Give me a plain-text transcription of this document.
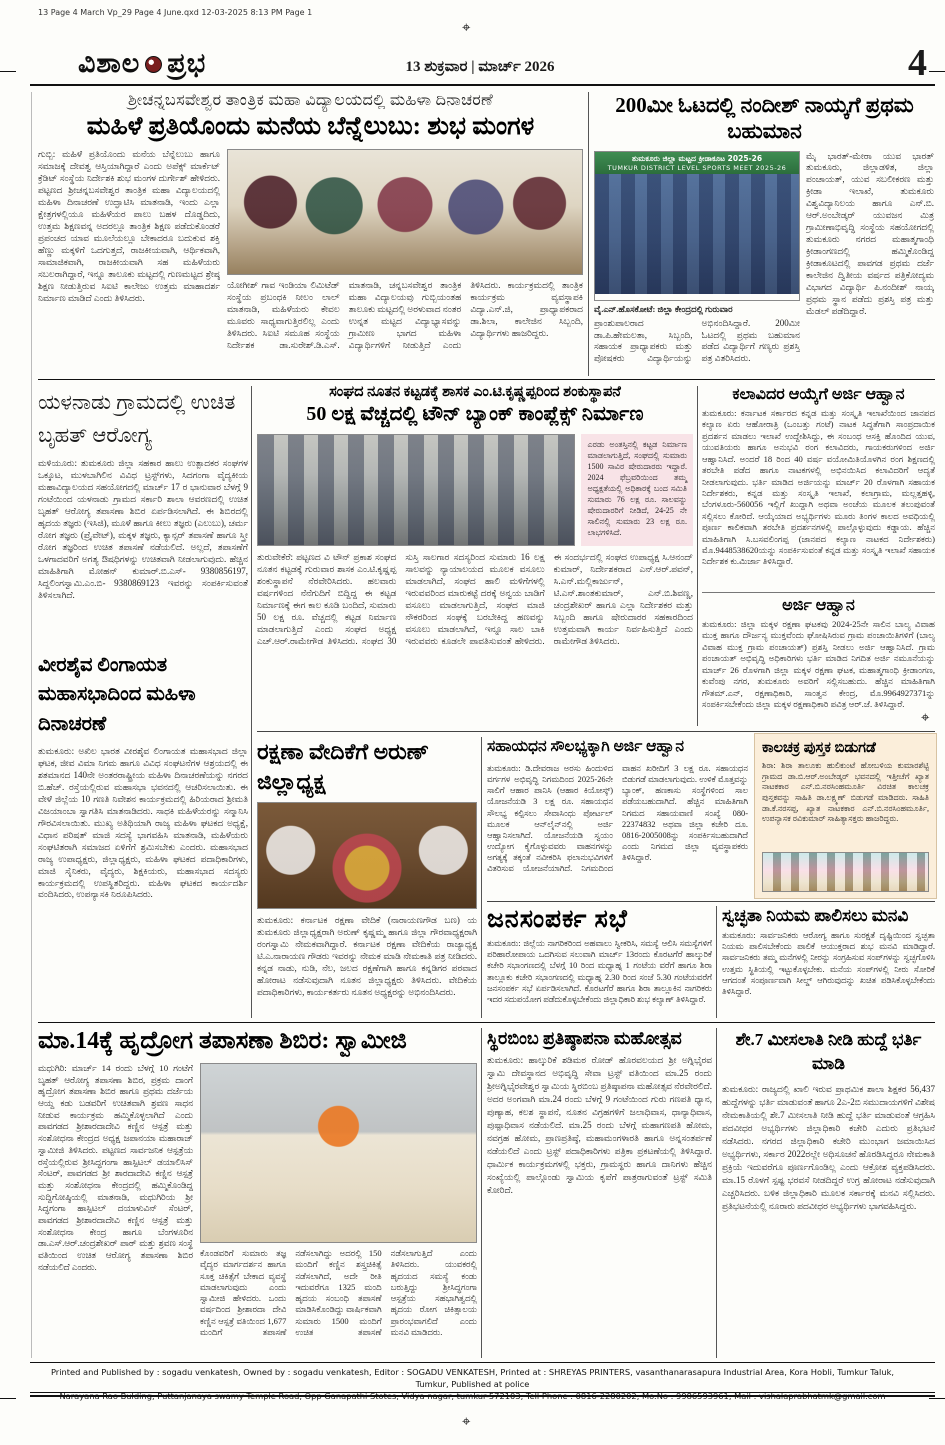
13 Page 4 March Vp_29 Page 4 June.qxd 12-03-2025 8:13 PM Page 1
⌖
⌖
⌖
ವಿಶಾಲ ಪ್ರಭ	13 ಶುಕ್ರವಾರ | ಮಾರ್ಚ್ 2026	4
ಶ್ರೀಚನ್ನಬಸವೇಶ್ವರ ತಾಂತ್ರಿಕ ಮಹಾ ವಿದ್ಯಾಲಯದಲ್ಲಿ ಮಹಿಳಾ ದಿನಾಚರಣೆ
ಮಹಿಳೆ ಪ್ರತಿಯೊಂದು ಮನೆಯ ಬೆನ್ನೆಲುಬು: ಶುಭ ಮಂಗಳ
ಗುಬ್ಬಿ: ಮಹಿಳೆ ಪ್ರತಿಯೊಂದು ಮನೆಯ ಬೆನ್ನೆಲುಬು ಹಾಗೂ ಸಮಾಜಕ್ಕೆ ದೇವತ್ವ ಆಸ್ತಿಯಾಗಿದ್ದಾರೆ ಎಂದು ಅಪೆಕ್ಸ್ ಮಾರ್ಕೆಟ್ ಕ್ರೆಡಿಟ್ ಸಂಸ್ಥೆಯ ನಿರ್ದೇಶಕಿ ಶುಭ ಮಂಗಳ ದುರ್ಗೇಶ್ ಹೇಳಿದರು. ಪಟ್ಟಣದ ಶ್ರೀಚನ್ನಬಸವೇಶ್ವರ ತಾಂತ್ರಿಕ ಮಹಾ ವಿದ್ಯಾಲಯದಲ್ಲಿ ಮಹಿಳಾ ದಿನಾಚರಣೆ ಉದ್ಘಾಟಿಸಿ ಮಾತನಾಡಿ, ಇಂದು ಎಲ್ಲಾ ಕ್ಷೇತ್ರಗಳಲ್ಲಿಯೂ ಮಹಿಳೆಯರ ಪಾಲು ಬಹಳ ದೊಡ್ಡದಿದು, ಉತ್ತಮ ಶಿಕ್ಷಣವನ್ನ ಅದರಲ್ಲೂ ತಾಂತ್ರಿಕ ಶಿಕ್ಷಣ ಪಡೆದುಕೊಂಡರೆ ಪ್ರಪಂಚದ ಯಾವ ಮೂಲೆಯಲ್ಲೂ ಬೇಕಾದರೂ ಬದುಕುವ ಶಕ್ತಿ ಹೆಣ್ಣು ಮಕ್ಕಳಿಗೆ ಒದಗುತ್ತದೆ, ರಾಜಕೀಯವಾಗಿ, ಆರ್ಥಿಕವಾಗಿ, ಸಾಮಾಜಿಕವಾಗಿ, ರಾಜಕೀಯವಾಗಿ ಸಹ ಮಹಿಳೆಯರು ಸಬಲರಾಗಿದ್ದಾರೆ, ಇನ್ನೂ ತಾಲೂಕು ಮಟ್ಟದಲ್ಲಿ ಗುಣಮಟ್ಟದ ಶ್ರೇಷ್ಠ ಶಿಕ್ಷಣ ನೀಡುತ್ತಿರುವ ಸಿಐಟಿ ಕಾಲೇಜು ಉತ್ತಮ ಮಾಹಾದರ್ಶ ನಿರ್ಮಾಣ ಮಾಡಿದೆ ಎಂದು ತಿಳಿಸಿದರು.
ಯೋಗೀಶ್ ಗಾವ ಇಂಡಿಯಾ ಲಿಮಿಟೆಡ್ ಸಂಸ್ಥೆಯ ಪ್ರಬಂಧಕಿ ನೀಲಂ ಲಾಲ್ ಮಾತನಾಡಿ, ಮಹಿಳೆಯರು ಕೇವಲ ಮೂವರು ಸಾಧ್ಯವಾಗುತ್ತಿರಲಿಲ್ಲ ಎಂದು ತಿಳಿಸಿದರು. ಸಿಐಟಿ ಸಮೂಹ ಸಂಸ್ಥೆಯ ನಿರ್ದೇಶಕ ಡಾ.ಸುರೇಶ್.ಡಿ.ಎಸ್. ಮಾತನಾಡಿ, ಚನ್ನಬಸವೇಶ್ವರ ತಾಂತ್ರಿಕ ಮಹಾ ವಿದ್ಯಾಲಯವು ಗುಬ್ಬಿಯಂತಹ ತಾಲೂಕು ಮಟ್ಟದಲ್ಲಿ ಅರಳುವಾದ ನಂತರ ಉನ್ನತ ಮಟ್ಟದ ವಿದ್ಯಾಭ್ಯಾಸವನ್ನು ಗ್ರಾಮೀಣ ಭಾಗದ ಮಹಿಳಾ ವಿದ್ಯಾರ್ಥಿಗಳಿಗೆ ನೀಡುತ್ತಿದೆ ಎಂದು ತಿಳಿಸಿದರು. ಕಾರ್ಯಕ್ರಮದಲ್ಲಿ ತಾಂತ್ರಿಕ ಕಾರ್ಯಕ್ರಮ ವ್ಯವಸ್ಥಾಪಕಿ ವಿದ್ಯಾ.ಎನ್.ಜಿ, ಪ್ರಾಧ್ಯಾಪಕರಾದ ಡಾ.ಶಿಲಾ, ಕಾಲೇಜಿನ ಸಿಬ್ಬಂದಿ, ವಿದ್ಯಾರ್ಥಿಗಳು ಹಾಜರಿದ್ದರು.
200ಮೀ ಓಟದಲ್ಲಿ ನಂದೀಶ್ ನಾಯ್ಕಗೆ ಪ್ರಥಮ ಬಹುಮಾನ
ತುಮಕೂರು ಜಿಲ್ಲಾ ಮಟ್ಟದ ಕ್ರೀಡಾಕೂಟ 2025-26
TUMKUR DISTRICT LEVEL SPORTS MEET 2025-26
ವೈ.ಎನ್.ಹೊಸಕೋಟೆ: ಜಿಲ್ಲಾ ಕೇಂದ್ರದಲ್ಲಿ ಗುರುವಾರ
ಪ್ರಾಂಶುಪಾಲರಾದ ಡಾ.ಪಿ.ಹೇಮಲತಾ, ಸಿಬ್ಬಂದಿ, ಸಹಾಯಕ ಪ್ರಾಧ್ಯಾಪಕರು ಮತ್ತು ಪೋಷಕರು ವಿದ್ಯಾರ್ಥಿಯನ್ನು ಅಭಿನಂದಿಸಿದ್ದಾರೆ. 200ಮೀ ಓಟದಲ್ಲಿ ಪ್ರಥಮ ಬಹುಮಾನ ಪಡೆದ ವಿದ್ಯಾರ್ಥಿಗೆ ಗಣ್ಯರು ಪ್ರಶಸ್ತಿ ಪತ್ರ ವಿತರಿಸಿದರು.
ಮೈ ಭಾರತ್-ಮೇರಾ ಯುವ ಭಾರತ್ ತುಮಕೂರು, ಜಿಲ್ಲಾಡಳಿತ, ಜಿಲ್ಲಾ ಪಂಚಾಯತ್, ಯುವ ಸಬಲೀಕರಣ ಮತ್ತು ಕ್ರೀಡಾ ಇಲಾಖೆ, ತುಮಕೂರು ವಿಶ್ವವಿದ್ಯಾನಿಲಯ ಹಾಗೂ ಎನ್.ಬಿ. ಆರ್.ಅಂಬೇಡ್ಕರ್ ಯುವಜನ ಮಿತ್ರ ಗ್ರಾಮೀಣಾಭಿವೃದ್ಧಿ ಸಂಸ್ಥೆಯ ಸಹಯೋಗದಲ್ಲಿ ತುಮಕೂರು ನಗರದ ಮಹಾತ್ಮಗಾಂಧಿ ಕ್ರೀಡಾಂಗಣದಲ್ಲಿ ಹಮ್ಮಿಕೊಂಡಿದ್ದ ಕ್ರೀಡಾಕೂಟದಲ್ಲಿ ಪಾವಗಡ ಪ್ರಥಮ ದರ್ಜೆ ಕಾಲೇಜಿನ ದ್ವಿತೀಯ ವರ್ಷದ ಪತ್ರಿಕೋದ್ಯಮ ವಿಭಾಗದ ವಿದ್ಯಾರ್ಥಿ ಪಿ.ನಂದೀಶ್ ನಾಯ್ಕ ಪ್ರಥಮ ಸ್ಥಾನ ಪಡೆದು ಪ್ರಶಸ್ತಿ ಪತ್ರ ಮತ್ತು ಮೆಡಲ್ ಪಡೆದಿದ್ದಾರೆ.
ಯಳನಾಡು ಗ್ರಾಮದಲ್ಲಿ ಉಚಿತ ಬೃಹತ್ ಆರೋಗ್ಯ
ಮಳಿಯೂರು: ತುಮಕೂರು ಜಿಲ್ಲಾ ಸಹಕಾರ ಹಾಲು ಉತ್ಪಾದಕರ ಸಂಘಗಳ ಒಕ್ಕೂಟ, ಮುಳಬಾಗಿಲಿನ ವಿವಿಧ ಟ್ರಸ್ಟ್‌ಗಳು, ಸಿದಗಂಗಾ ವೈದ್ಯಕೀಯ ಮಹಾವಿದ್ಯಾಲಯದ ಸಹಯೋಗದಲ್ಲಿ ಮಾರ್ಚ್ 17 ರ ಭಾನುವಾರ ಬೆಳಗ್ಗೆ 9 ಗಂಟೆಯಿಂದ ಯಳನಾಡು ಗ್ರಾಮದ ಸರ್ಕಾರಿ ಶಾಲಾ ಆವರಣದಲ್ಲಿ ಉಚಿತ ಬೃಹತ್ ಆರೋಗ್ಯ ತಪಾಸಣಾ ಶಿಬಿರ ಏರ್ಪಡಿಸಲಾಗಿದೆ. ಈ ಶಿಬಿರದಲ್ಲಿ ಹೃದಯ ತಜ್ಞರು (ಇಸಿಜಿ), ಮೂಳೆ ಹಾಗೂ ಕೀಲು ತಜ್ಞರು (ಎಲುಬು), ಚರ್ಮ ರೋಗ ತಜ್ಞರು (ಪ್ರೈವೇಟ್), ಮಕ್ಕಳ ತಜ್ಞರು, ಕ್ಯಾನ್ಸರ್ ತಪಾಸಣೆ ಹಾಗೂ ಸ್ತ್ರೀ ರೋಗ ತಜ್ಞರಿಂದ ಉಚಿತ ತಪಾಸಣೆ ನಡೆಯಲಿದೆ. ಅಲ್ಲದೆ, ತಪಾಸಣೆಗೆ ಒಳಗಾದವರಿಗೆ ಅಗತ್ಯ ಔಷಧಿಗಳನ್ನು ಉಚಿತವಾಗಿ ನೀಡಲಾಗುವುದು. ಹೆಚ್ಚಿನ ಮಾಹಿತಿಗಾಗಿ ಮೋಹನ್ ಕುಮಾರ್.ಬಿ.ಎಸ್- 9380856197, ಸಿದ್ದಲಿಂಗಸ್ವಾಮಿ.ಎಂ.ಬಿ- 9380869123 ಇವರನ್ನು ಸಂಪರ್ಕಿಸುವಂತೆ ತಿಳಿಸಲಾಗಿದೆ.
ವೀರಶೈವ ಲಿಂಗಾಯತ ಮಹಾಸಭಾದಿಂದ ಮಹಿಳಾ ದಿನಾಚರಣೆ
ತುಮಕೂರು: ಅಖಿಲ ಭಾರತ ವೀರಶೈವ ಲಿಂಗಾಯತ ಮಹಾಸಭಾದ ಜಿಲ್ಲಾ ಘಟಕ, ಜೀವ ವಿಮಾ ನಿಗಮ ಹಾಗೂ ವಿವಿಧ ಸಂಘಟನೆಗಳ ಆಶ್ರಯದಲ್ಲಿ ಈ ಶತಮಾನದ 140ನೇ ಅಂತರರಾಷ್ಟ್ರೀಯ ಮಹಿಳಾ ದಿನಾಚರಣೆಯನ್ನು ನಗರದ ಬಿ.ಹೆಚ್. ರಸ್ತೆಯಲ್ಲಿರುವ ಮಹಾಸಭಾ ಭವನದಲ್ಲಿ ಆಚರಿಸಲಾಯಿತು. ಈ ವೇಳೆ ಜಿಲ್ಲೆಯ 10 ಗಣತಿ ನಿವೇಶನ ಕಾರ್ಯಕ್ರಮದಲ್ಲಿ ಹಿರಿಯರಾದ ಶ್ರೀಮತಿ ವಿಜಯಾಂಬಾ ಸ್ವಾಗತಿಸಿ ಮಾತನಾಡಿದರು. ಸಾಧಕಿ ಮಹಿಳೆಯರನ್ನು ಸನ್ಮಾನಿಸಿ ಗೌರವಿಸಲಾಯಿತು. ಮುಖ್ಯ ಅತಿಥಿಯಾಗಿ ರಾಜ್ಯ ಮಹಿಳಾ ಘಟಕದ ಅಧ್ಯಕ್ಷೆ, ವಿಧಾನ ಪರಿಷತ್ ಮಾಜಿ ಸದಸ್ಯೆ ಭಾಗವಹಿಸಿ ಮಾತನಾಡಿ, ಮಹಿಳೆಯರು ಸಂಘಟಿತರಾಗಿ ಸಮಾಜದ ಏಳಿಗೆಗೆ ಶ್ರಮಿಸಬೇಕು ಎಂದರು. ಮಹಾಸಭಾದ ರಾಜ್ಯ ಉಪಾಧ್ಯಕ್ಷರು, ಜಿಲ್ಲಾಧ್ಯಕ್ಷರು, ಮಹಿಳಾ ಘಟಕದ ಪದಾಧಿಕಾರಿಗಳು, ಮಾಜಿ ಸೈನಿಕರು, ವೈದ್ಯರು, ಶಿಕ್ಷಕಿಯರು, ಮಹಾಸಭಾದ ಸದಸ್ಯರು ಕಾರ್ಯಕ್ರಮದಲ್ಲಿ ಉಪಸ್ಥಿತರಿದ್ದರು. ಮಹಿಳಾ ಘಟಕದ ಕಾರ್ಯದರ್ಶಿ ವಂದಿಸಿದರು, ಉಪನ್ಯಾಸಕಿ ನಿರೂಪಿಸಿದರು.
ಸಂಘದ ನೂತನ ಕಟ್ಟಡಕ್ಕೆ ಶಾಸಕ ಎಂ.ಟಿ.ಕೃಷ್ಣಪ್ಪರಿಂದ ಶಂಕುಸ್ಥಾಪನೆ
50 ಲಕ್ಷ ವೆಚ್ಚದಲ್ಲಿ ಟೌನ್ ಬ್ಯಾಂಕ್ ಕಾಂಪ್ಲೆಕ್ಸ್ ನಿರ್ಮಾಣ
ಎರಡು ಅಂತಸ್ತಿನಲ್ಲಿ ಕಟ್ಟಡ ನಿರ್ಮಾಣ ಮಾಡಲಾಗುತ್ತಿದೆ, ಸಂಘದಲ್ಲಿ ಸುಮಾರು 1500 ಸಾವಿರ ಷೇರುದಾರರು ಇದ್ದಾರೆ. 2024 ಫೆಬ್ರವರಿಯಿಂದ ತಮ್ಮ ಅಧ್ಯಕ್ಷತೆಯಲ್ಲಿ ಅಧಿಕಾರಕ್ಕೆ ಬಂದ ಸಮಿತಿ ಸುಮಾರು 76 ಲಕ್ಷ ರೂ. ಸಾಲವನ್ನು ಷೇರುದಾರರಿಗೆ ನೀಡಿದೆ, 24-25 ನೇ ಸಾಲಿನಲ್ಲಿ ಸುಮಾರು 23 ಲಕ್ಷ ರೂ. ಲಾಭಗಳಿಸಿದೆ.
ತುರುವೇಕೆರೆ: ಪಟ್ಟಣದ ವಿ ಟೌನ್ ಪ್ರಕಾಶ ಸಂಘದ ನೂತನ ಕಟ್ಟಡಕ್ಕೆ ಗುರುವಾರ ಶಾಸಕ ಎಂ.ಟಿ.ಕೃಷ್ಣಪ್ಪ ಶಂಕುಸ್ಥಾಪನೆ ನೆರವೇರಿಸಿದರು. ಹಲವಾರು ವರ್ಷಗಳಿಂದ ನೆನೆಗುದಿಗೆ ಬಿದ್ದಿದ್ದ ಈ ಕಟ್ಟಡ ನಿರ್ಮಾಣಕ್ಕೆ ಈಗ ಕಾಲ ಕೂಡಿ ಬಂದಿದೆ, ಸುಮಾರು 50 ಲಕ್ಷ ರೂ. ವೆಚ್ಚದಲ್ಲಿ ಕಟ್ಟಡ ನಿರ್ಮಾಣ ಮಾಡಲಾಗುತ್ತಿದೆ ಎಂದು ಸಂಘದ ಅಧ್ಯಕ್ಷ ಎಚ್.ಆರ್.ರಾಮೇಗೌಡ ತಿಳಿಸಿದರು. ಸಂಘದ 30 ಸುಸ್ತಿ ಸಾಲಗಾರ ಸದಸ್ಯರಿಂದ ಸುಮಾರು 16 ಲಕ್ಷ ಸಾಲವನ್ನು ನ್ಯಾಯಾಲಯದ ಮೂಲಕ ವಸೂಲು ಮಾಡಲಾಗಿದೆ, ಸಂಘದ ಹಾಲಿ ಮಳಿಗೆಗಳಲ್ಲಿ ಇರುವವರಿಂದ ಮಾರುಕಟ್ಟೆ ದರಕ್ಕೆ ಅನ್ವಯ ಬಾಡಿಗೆ ವಸೂಲು ಮಾಡಲಾಗುತ್ತಿದೆ, ಸಂಘದ ಮಾಜಿ ನೌಕರರಿಂದ ಸಂಘಕ್ಕೆ ಬರಬೇಕಿದ್ದ ಹಣವನ್ನು ವಸೂಲು ಮಾಡಲಾಗಿದೆ, ಇನ್ನೂ ಸಾಲ ಬಾಕಿ ಇರುವವರು ಕೂಡಲೇ ಪಾವತಿಸುವಂತೆ ಹೇಳಿದರು. ಈ ಸಂದರ್ಭದಲ್ಲಿ ಸಂಘದ ಉಪಾಧ್ಯಕ್ಷ ಸಿ.ಆನಂದ್ ಕುಮಾರ್, ನಿರ್ದೇಶಕರಾದ ಎನ್.ಆರ್.ಪವನ್, ಸಿ.ಎನ್.ಮಲ್ಲಿಕಾರ್ಜುನ್, ಟಿ.ಎನ್.ಶಾಂತಕುಮಾರ್, ಎನ್.ಬಿ.ಶಿವಣ್ಣ, ಚಂದ್ರಶೇಖರ್ ಹಾಗೂ ಎಲ್ಲಾ ನಿರ್ದೇಶಕರ ಮತ್ತು ಸಿಬ್ಬಂದಿ ಹಾಗೂ ಷೇರುದಾರರ ಸಹಕಾರದಿಂದ ಉತ್ತಮವಾಗಿ ಕಾರ್ಯ ನಿರ್ವಹಿಸುತ್ತಿದೆ ಎಂದು ರಾಮೇಗೌಡ ತಿಳಿಸಿದರು.
ಕಲಾವಿದರ ಆಯ್ಕೆಗೆ ಅರ್ಜಿ ಆಹ್ವಾನ
ತುಮಕೂರು: ಕರ್ನಾಟಕ ಸರ್ಕಾರದ ಕನ್ನಡ ಮತ್ತು ಸಂಸ್ಕೃತಿ ಇಲಾಖೆಯಿಂದ ಜಾನಪದ ಕಲ್ಯಾಣ ಏರು ಆಹೋರಾತ್ರಿ (ಒಂಬತ್ತು ಗಂಟೆ) ನಾಟಕ ಸಿದ್ಧತೆಗಾಗಿ ಸಾಂಪ್ರದಾಯಿಕ ಪ್ರದರ್ಶನ ಮಾಡಲು ಇಲಾಖೆ ಉದ್ದೇಶಿಸಿದ್ದು, ಈ ಸಂಬಂಧ ಆಸಕ್ತಿ ಹೊಂದಿದ ಯುವ, ಯುವತಿಯರು ಹಾಗೂ ಅನುಭವಿ ರಂಗ ಕಲಾವಿದರು, ಗಾಯಕರುಗಳಿಂದ ಅರ್ಜಿ ಆಹ್ವಾನಿಸಿದೆ. ಅಂದರೆ 18 ರಿಂದ 40 ವರ್ಷ ವಯೋಮಿತಿಯೊಳಗಿನ ರಂಗ ಶಿಕ್ಷಣದಲ್ಲಿ ತರಬೇತಿ ಪಡೆದ ಹಾಗೂ ನಾಟಕಗಳಲ್ಲಿ ಅಭಿನಯಿಸಿದ ಕಲಾವಿದರಿಗೆ ಆದ್ಯತೆ ನೀಡಲಾಗುವುದು. ಭರ್ತಿ ಮಾಡಿದ ಅರ್ಜಿಯನ್ನು ಮಾರ್ಚ್ 20 ರೊಳಗಾಗಿ ಸಹಾಯಕ ನಿರ್ದೇಶಕರು, ಕನ್ನಡ ಮತ್ತು ಸಂಸ್ಕೃತಿ ಇಲಾಖೆ, ಕಲಾಗ್ರಾಮ, ಮಲ್ಲತ್ತಹಳ್ಳಿ, ಬೆಂಗಳೂರು-560056 ಇಲ್ಲಿಗೆ ಖುದ್ದಾಗಿ ಅಥವಾ ಅಂಚೆಯ ಮೂಲಕ ತಲುಪುವಂತೆ ಸಲ್ಲಿಸಲು ಕೋರಿದೆ. ಆಯ್ಕೆಯಾದ ಅಭ್ಯರ್ಥಿಗಳು ಮೂರು ತಿಂಗಳ ಕಾಲದ ಅವಧಿಯಲ್ಲಿ ಪೂರ್ಣ ಕಾಲಿಕವಾಗಿ ತರಬೇತಿ ಪ್ರದರ್ಶನಗಳಲ್ಲಿ ಪಾಲ್ಗೊಳ್ಳುವುದು ಕಡ್ಡಾಯ. ಹೆಚ್ಚಿನ ಮಾಹಿತಿಗಾಗಿ ಸಿ.ಬಸವಲಿಂಗಪ್ಪ (ಜಾನಪದ ಕಲ್ಯಾಣ ನಾಟಕದ ನಿರ್ದೇಶಕರು) ಮೊ.9448538620ಯನ್ನು ಸಂಪರ್ಕಿಸುವಂತೆ ಕನ್ನಡ ಮತ್ತು ಸಂಸ್ಕೃತಿ ಇಲಾಖೆ ಸಹಾಯಕ ನಿರ್ದೇಶಕ ಕು.ಮಿರ್ಜಾ ತಿಳಿಸಿದ್ದಾರೆ.
ಅರ್ಜಿ ಆಹ್ವಾನ
ತುಮಕೂರು: ಜಿಲ್ಲಾ ಮಕ್ಕಳ ರಕ್ಷಣಾ ಘಟಕವು 2024-25ನೇ ಸಾಲಿನ ಬಾಲ್ಯ ವಿವಾಹ ಮುಕ್ತ ಹಾಗೂ ದೌರ್ಜನ್ಯ ಮುಕ್ತವೆಂದು ಘೋಷಿಸಿರುವ ಗ್ರಾಮ ಪಂಚಾಯಿತಿಗಳಿಗೆ (ಬಾಲ್ಯ ವಿವಾಹ ಮುಕ್ತ ಗ್ರಾಮ ಪಂಚಾಯತ್) ಪ್ರಶಸ್ತಿ ನೀಡಲು ಅರ್ಜಿ ಆಹ್ವಾನಿಸಿದೆ. ಗ್ರಾಮ ಪಂಚಾಯತ್ ಅಭಿವೃದ್ಧಿ ಅಧಿಕಾರಿಗಳು ಭರ್ತಿ ಮಾಡಿದ ನಿಗದಿತ ಅರ್ಜಿ ನಮೂನೆಯನ್ನು ಮಾರ್ಚ್ 26 ರೊಳಗಾಗಿ ಜಿಲ್ಲಾ ಮಕ್ಕಳ ರಕ್ಷಣಾ ಘಟಕ, ಮಹಾತ್ಮಗಾಂಧಿ ಕ್ರೀಡಾಂಗಣ, ಕುವೆಂಪು ನಗರ, ತುಮಕೂರು ಅವರಿಗೆ ಸಲ್ಲಿಸಬಹುದು. ಹೆಚ್ಚಿನ ಮಾಹಿತಿಗಾಗಿ ಗೌತಮ್.ಎನ್, ರಕ್ಷಣಾಧಿಕಾರಿ, ಸಾಂತ್ವನ ಕೇಂದ್ರ, ಮೊ.9964927371ನ್ನು ಸಂಪರ್ಕಿಸಬೇಕೆಂದು ಜಿಲ್ಲಾ ಮಕ್ಕಳ ರಕ್ಷಣಾಧಿಕಾರಿ ಪವಿತ್ರ ಆರ್.ಜೆ. ತಿಳಿಸಿದ್ದಾರೆ.
ರಕ್ಷಣಾ ವೇದಿಕೆಗೆ ಅರುಣ್ ಜಿಲ್ಲಾಧ್ಯಕ್ಷ
ತುಮಕೂರು: ಕರ್ನಾಟಕ ರಕ್ಷಣಾ ವೇದಿಕೆ (ನಾರಾಯಣಗೌಡ ಬಣ) ಯ ತುಮಕೂರು ಜಿಲ್ಲಾಧ್ಯಕ್ಷರಾಗಿ ಅರುಣ್ ಕೃಷ್ಣಮ್ಮ ಹಾಗೂ ಜಿಲ್ಲಾ ಗೌರವಾಧ್ಯಕ್ಷರಾಗಿ ರಂಗಸ್ವಾಮಿ ನೇಮಕವಾಗಿದ್ದಾರೆ. ಕರ್ನಾಟಕ ರಕ್ಷಣಾ ವೇದಿಕೆಯ ರಾಜ್ಯಾಧ್ಯಕ್ಷ ಟಿ.ಎ.ನಾರಾಯಣ ಗೌಡರು ಇವರನ್ನು ನೇಮಕ ಮಾಡಿ ನೇಮಕಾತಿ ಪತ್ರ ನೀಡಿದರು. ಕನ್ನಡ ನಾಡು, ನುಡಿ, ನೆಲ, ಜಲದ ರಕ್ಷಣೆಗಾಗಿ ಹಾಗೂ ಕನ್ನಡಿಗರ ಪರವಾದ ಹೋರಾಟ ನಡೆಸುವುದಾಗಿ ನೂತನ ಜಿಲ್ಲಾಧ್ಯಕ್ಷರು ತಿಳಿಸಿದರು. ವೇದಿಕೆಯ ಪದಾಧಿಕಾರಿಗಳು, ಕಾರ್ಯಕರ್ತರು ನೂತನ ಅಧ್ಯಕ್ಷರನ್ನು ಅಭಿನಂದಿಸಿದರು.
ಸಹಾಯಧನ ಸೌಲಭ್ಯಕ್ಕಾಗಿ ಅರ್ಜಿ ಆಹ್ವಾನ
ತುಮಕೂರು: ಡಿ.ದೇವರಾಜ ಅರಸು ಹಿಂದುಳಿದ ವರ್ಗಗಳ ಅಭಿವೃದ್ಧಿ ನಿಗಮದಿಂದ 2025-26ನೇ ಸಾಲಿಗೆ ಆಹಾರ ಪಾನಿಸಿ (ಆಹಾರ ಕಿಯೋಸ್ಕ್) ಯೋಜನೆಯಡಿ 3 ಲಕ್ಷ ರೂ. ಸಹಾಯಧನ ಸೌಲಭ್ಯ ಕಲ್ಪಿಸಲು ಸೇವಾಸಿಂಧು ಪೋರ್ಟಲ್ ಮೂಲಕ ಆನ್‌ಲೈನ್‌ನಲ್ಲಿ ಅರ್ಜಿ ಆಹ್ವಾನಿಸಲಾಗಿದೆ. ಯೋಜನೆಯಡಿ ಸ್ವಯಂ ಉದ್ಯೋಗ ಕೈಗೊಳ್ಳುವವರು ವಾಹನಗಳನ್ನು ಅಗತ್ಯಕ್ಕೆ ತಕ್ಕಂತೆ ನವೀಕರಿಸಿ ಫಲಾನುಭವಿಗಳಿಗೆ ವಿತರಿಸುವ ಯೋಜನೆಯಾಗಿದೆ. ನಿಗಮದಿಂದ ವಾಹನ ಖರೀದಿಗೆ 3 ಲಕ್ಷ ರೂ. ಸಹಾಯಧನ ಬಿಡುಗಡೆ ಮಾಡಲಾಗುವುದು. ಉಳಿಕೆ ಮೊತ್ತವನ್ನು ಬ್ಯಾಂಕ್, ಹಣಕಾಸು ಸಂಸ್ಥೆಗಳಿಂದ ಸಾಲ ಪಡೆಯಬಹುದಾಗಿದೆ. ಹೆಚ್ಚಿನ ಮಾಹಿತಿಗಾಗಿ ನಿಗಮದ ಸಹಾಯವಾಣಿ ಸಂಖ್ಯೆ 080-22374832 ಅಥವಾ ಜಿಲ್ಲಾ ಕಚೇರಿ ದೂ. 0816-2005008ನ್ನು ಸಂಪರ್ಕಿಸಬಹುದಾಗಿದೆ ಎಂದು ನಿಗಮದ ಜಿಲ್ಲಾ ವ್ಯವಸ್ಥಾಪಕರು ತಿಳಿಸಿದ್ದಾರೆ.
ಕಾಲಚಕ್ರ ಪುಸ್ತಕ ಬಿಡುಗಡೆ
ಶಿರಾ: ಶಿರಾ ತಾಲೂಕು ಹುಲಿಕುಂಟೆ ಹೋಬಳಿಯ ಕುಮಾರಶೆಟ್ಟಿ ಗ್ರಾಮದ ಡಾ.ಬಿ.ಆರ್.ಅಂಬೇಡ್ಕರ್ ಭವನದಲ್ಲಿ ಇತ್ತೀಚೆಗೆ ಖ್ಯಾತ ನಾಟಕಕಾರ ಎನ್.ಬಿ.ನರಸಿಂಹಮೂರ್ತಿ ವಿರಚಿತ ಕಾಲಚಕ್ರ ಪುಸ್ತಕವನ್ನು ಸಾಹಿತಿ ಡಾ.ಲಕ್ಷ್ಮಣ್ ಬಿಡುಗಡೆ ಮಾಡಿದರು. ಸಾಹಿತಿ ಡಾ.ಕೆ.ನರಸಪ್ಪ, ಖ್ಯಾತ ನಾಟಕಕಾರ ಎನ್.ಬಿ.ನರಸಿಂಹಮೂರ್ತಿ, ಉಪನ್ಯಾಸಕ ರವಿಕುಮಾರ್ ಸಾಹಿತ್ಯಾಸಕ್ತರು ಹಾಜರಿದ್ದರು.
ಜನಸಂಪರ್ಕ ಸಭೆ
ತುಮಕೂರು: ಜಿಲ್ಲೆಯ ನಾಗರಿಕರಿಂದ ಅಹವಾಲು ಸ್ವೀಕರಿಸಿ, ಸಮಸ್ಯೆ ಆಲಿಸಿ ಸಮಸ್ಯೆಗಳಿಗೆ ಪರಿಹಾರೋಪಾಯ ಒದಗಿಸುವ ಸಲುವಾಗಿ ಮಾರ್ಚ್ 13ರಂದು ಕೊರಟಗೆರೆ ಹಾಲ್ಕುರಿಕೆ ಕಚೇರಿ ಸಭಾಂಗಣದಲ್ಲಿ ಬೆಳಗ್ಗೆ 10 ರಿಂದ ಮಧ್ಯಾಹ್ನ 1 ಗಂಟೆಯ ವರೆಗೆ ಹಾಗೂ ಶಿರಾ ತಾಲ್ಲೂಕು ಕಚೇರಿ ಸಭಾಂಗಣದಲ್ಲಿ ಮಧ್ಯಾಹ್ನ 2.30 ರಿಂದ ಸಂಜೆ 5.30 ಗಂಟೆಯವರೆಗೆ ಜನಸಂಪರ್ಕ ಸಭೆ ಏರ್ಪಡಿಸಲಾಗಿದೆ. ಕೊರಟಗೆರೆ ಹಾಗೂ ಶಿರಾ ತಾಲ್ಲೂಕಿನ ನಾಗರಿಕರು ಇದರ ಸದುಪಯೋಗ ಪಡೆದುಕೊಳ್ಳಬೇಕೆಂದು ಜಿಲ್ಲಾಧಿಕಾರಿ ಶುಭ ಕಲ್ಯಾಣ್ ತಿಳಿಸಿದ್ದಾರೆ.
ಸ್ವಚ್ಛತಾ ನಿಯಮ ಪಾಲಿಸಲು ಮನವಿ
ತುಮಕೂರು: ಸಾರ್ವಜನಿಕರು ಆರೋಗ್ಯ ಹಾಗೂ ಸುರಕ್ಷತೆ ದೃಷ್ಟಿಯಿಂದ ಸ್ವಚ್ಛತಾ ನಿಯಮ ಪಾಲಿಸಬೇಕೆಂದು ಪಾಲಿಕೆ ಆಯುಕ್ತರಾದ ಶುಭ ಮನವಿ ಮಾಡಿದ್ದಾರೆ. ಸಾರ್ವಜನಿಕರು ತಮ್ಮ ಮನೆಗಳಲ್ಲಿ ನೀರನ್ನು ಸಂಗ್ರಹಿಸುವ ಸಂಪ್‌ಗಳನ್ನು ಸ್ವಚ್ಛಗೊಳಿಸಿ ಉತ್ತಮ ಸ್ಥಿತಿಯಲ್ಲಿ ಇಟ್ಟುಕೊಳ್ಳಬೇಕು. ಮನೆಯ ಸಂಪ್‌ಗಳಲ್ಲಿ ನೀರು ಸೋರಿಕೆ ಆಗದಂತೆ ಸಂಪೂರ್ಣವಾಗಿ ಸೀಲ್ಡ್ ಆಗಿರುವುದನ್ನು ಖಚಿತ ಪಡಿಸಿಕೊಳ್ಳಬೇಕೆಂದು ತಿಳಿಸಿದ್ದಾರೆ.
ಮಾ.14ಕ್ಕೆ ಹೃದ್ರೋಗ ತಪಾಸಣಾ ಶಿಬಿರ: ಸ್ವಾಮೀಜಿ
ಮಧುಗಿರಿ: ಮಾರ್ಚ್ 14 ರಂದು ಬೆಳಗ್ಗೆ 10 ಗಂಟೆಗೆ ಬೃಹತ್ ಆರೋಗ್ಯ ತಪಾಸಣಾ ಶಿಬಿರ, ಪ್ರಕ್ರಮ ದಾಂಗೆ ಹೃದ್ರೋಗ ತಪಾಸಣಾ ಶಿಬಿರ ಹಾಗೂ ಪ್ರಥಮ ದರ್ಜೆಯ ಆಯ್ದ ಕಡು ಬಡವರಿಗೆ ಉಚಿತವಾಗಿ ಶ್ರವಣ ಸಾಧನ ನೀಡುವ ಕಾರ್ಯಕ್ರಮ ಹಮ್ಮಿಕೊಳ್ಳಲಾಗಿದೆ ಎಂದು ಪಾವಗಡದ ಶ್ರೀಶಾರದಾದೇವಿ ಕಣ್ಣಿನ ಆಸ್ಪತ್ರೆ ಮತ್ತು ಸಂಶೋಧನಾ ಕೇಂದ್ರದ ಅಧ್ಯಕ್ಷ ಜಪಾನಯಾ ಮಹಾರಾಜ್ ಸ್ವಾಮೀಜಿ ತಿಳಿಸಿದರು. ಪಟ್ಟಣದ ಸಾರ್ವಜನಿಕ ಆಸ್ಪತ್ರೆಯ ರಸ್ತೆಯಲ್ಲಿರುವ ಶ್ರೀಸಿದ್ಧಗಂಗಾ ಹಾಸ್ಪಿಟಲ್ ಡಯಾಲಿಸಿಸ್ ಸೆಂಟರ್, ಪಾವಗಡದ ಶ್ರೀ ಶಾರದಾದೇವಿ ಕಣ್ಣಿನ ಆಸ್ಪತ್ರೆ ಮತ್ತು ಸಂಶೋಧನಾ ಕೇಂದ್ರದಲ್ಲಿ ಹಮ್ಮಿಕೊಂಡಿದ್ದ ಸುದ್ದಿಗೋಷ್ಠಿಯಲ್ಲಿ ಮಾತನಾಡಿ, ಮಧುಗಿರಿಯ ಶ್ರೀ ಸಿದ್ಧಗಂಗಾ ಹಾಸ್ಪಿಟಲ್ ದಯಾಳುವಿನ್ ಸೆಂಟರ್, ಪಾವಗಡದ ಶ್ರೀಶಾರದಾದೇವಿ ಕಣ್ಣಿನ ಆಸ್ಪತ್ರೆ ಮತ್ತು ಸಂಶೋಧನಾ ಕೇಂದ್ರ ಹಾಗೂ ಬೆಂಗಳೂರಿನ ಡಾ.ಎಸ್.ಆರ್.ಚಂದ್ರಶೇಖರ್ ಪಾಠ್ ಮತ್ತು ಶ್ರವಣ ಸಂಸ್ಥೆ ವತಿಯಿಂದ ಉಚಿತ ಆರೋಗ್ಯ ತಪಾಸಣಾ ಶಿಬಿರ ನಡೆಯಲಿದೆ ಎಂದರು.
ಕೊಂಡವರಿಗೆ ಸುಮಾರು ತಜ್ಞ ವೈದ್ಯರ ಮಾರ್ಗದರ್ಶನ ಹಾಗೂ ಸೂಕ್ತ ಚಿಕಿತ್ಸೆಗೆ ಬೇಕಾದ ವ್ಯವಸ್ಥೆ ಮಾಡಲಾಗುವುದು ಎಂದು ಸ್ವಾಮೀಜಿ ಹೇಳಿದರು. ಒಂದು ವರ್ಷದಿಂದ ಶ್ರೀಶಾರದಾ ದೇವಿ ಕಣ್ಣಿನ ಆಸ್ಪತ್ರೆ ವತಿಯಿಂದ 1,677 ಮಂದಿಗೆ ತಪಾಸಣೆ ನಡೆಸಲಾಗಿದ್ದು ಅದರಲ್ಲಿ 150 ಮಂದಿಗೆ ಕಣ್ಣಿನ ಶಸ್ತ್ರಚಿಕಿತ್ಸೆ ನಡೆಸಲಾಗಿದೆ, ಅದೇ ರೀತಿ ಇದುವರೆಗೂ 1325 ಮಂದಿ ಹೃದಯ ಸಂಬಂಧಿ ತಪಾಸಣೆ ಮಾಡಿಸಿಕೊಂಡಿದ್ದು ವಾರ್ಷಿಕವಾಗಿ ಸುಮಾರು 1500 ಮಂದಿಗೆ ಉಚಿತ ತಪಾಸಣೆ ನಡೆಸಲಾಗುತ್ತಿದೆ ಎಂದು ತಿಳಿಸಿದರು. ಯುವಕರಲ್ಲಿ ಹೃದಯದ ಸಮಸ್ಯೆ ಕಂಡು ಬರುತ್ತಿದ್ದು ಶ್ರೀಸಿದ್ಧಗಂಗಾ ಆಸ್ಪತ್ರೆಯ ಸಹಭಾಗಿತ್ವದಲ್ಲಿ ಹೃದಯ ರೋಗ ಚಿಕಿತ್ಸಾಲಯ ಪ್ರಾರಂಭವಾಗಲಿದೆ ಎಂದು ಮನವಿ ಮಾಡಿದರು.
ಸ್ಥಿರಬಿಂಬ ಪ್ರತಿಷ್ಠಾಪನಾ ಮಹೋತ್ಸವ
ತುಮಕೂರು: ಹಾಲ್ಕುರಿಕೆ ಶಡಿಮಠ ರೋಡ್ ಹೊರವಲಯದ ಶ್ರೀ ಅಗ್ನಿಭೈರವ ಸ್ವಾಮಿ ದೇವಸ್ಥಾನದ ಅಭಿವೃದ್ಧಿ ಸೇವಾ ಟ್ರಸ್ಟ್ ವತಿಯಿಂದ ಮಾ.25 ರಂದು ಶ್ರೀಅಗ್ನಿಭೈರವೇಶ್ವರ ಸ್ವಾಮಿಯ ಸ್ಥಿರಬಿಂಬ ಪ್ರತಿಷ್ಠಾಪನಾ ಮಹೋತ್ಸವ ನೆರವೇರಲಿದೆ. ಅದರ ಅಂಗವಾಗಿ ಮಾ.24 ರಂದು ಬೆಳಗ್ಗೆ 9 ಗಂಟೆಯಿಂದ ಗುರು ಗಣಪತಿ ಧ್ಯಾನ, ಪುಣ್ಯಾಹ, ಕಲಶ ಸ್ಥಾಪನೆ, ನೂತನ ವಿಗ್ರಹಗಳಿಗೆ ಜಲಾಧಿವಾಸ, ಧಾನ್ಯಾಧಿವಾಸ, ಪುಷ್ಪಾಧಿವಾಸ ನಡೆಯಲಿದೆ. ಮಾ.25 ರಂದು ಬೆಳಗ್ಗೆ ಮಹಾಗಣಪತಿ ಹೋಮ, ನವಗ್ರಹ ಹೋಮ, ಪ್ರಾಣಪ್ರತಿಷ್ಠೆ, ಮಹಾಮಂಗಳಾರತಿ ಹಾಗೂ ಅನ್ನಸಂತರ್ಪಣೆ ನಡೆಯಲಿದೆ ಎಂದು ಟ್ರಸ್ಟ್ ಪದಾಧಿಕಾರಿಗಳು ಪತ್ರಿಕಾ ಪ್ರಕಟಣೆಯಲ್ಲಿ ತಿಳಿಸಿದ್ದಾರೆ. ಧಾರ್ಮಿಕ ಕಾರ್ಯಕ್ರಮಗಳಲ್ಲಿ ಭಕ್ತರು, ಗ್ರಾಮಸ್ಥರು ಹಾಗೂ ದಾನಿಗಳು ಹೆಚ್ಚಿನ ಸಂಖ್ಯೆಯಲ್ಲಿ ಪಾಲ್ಗೊಂಡು ಸ್ವಾಮಿಯ ಕೃಪೆಗೆ ಪಾತ್ರರಾಗುವಂತೆ ಟ್ರಸ್ಟ್ ಸಮಿತಿ ಕೋರಿದೆ.
ಶೇ.7 ಮೀಸಲಾತಿ ನೀಡಿ ಹುದ್ದೆ ಭರ್ತಿ ಮಾಡಿ
ತುಮಕೂರು: ರಾಜ್ಯದಲ್ಲಿ ಖಾಲಿ ಇರುವ ಪ್ರಾಥಮಿಕ ಶಾಲಾ ಶಿಕ್ಷಕರ 56,437 ಹುದ್ದೆಗಳನ್ನು ಭರ್ತಿ ಮಾಡುವಂತೆ ಹಾಗೂ 2ಎ-2ಬಿ ಸಮುದಾಯಗಳಿಗೆ ವಿಶೇಷ ನೇಮಕಾತಿಯಲ್ಲಿ ಶೇ.7 ಮೀಸಲಾತಿ ನೀಡಿ ಹುದ್ದೆ ಭರ್ತಿ ಮಾಡುವಂತೆ ಆಗ್ರಹಿಸಿ ಪದವೀಧರ ಅಭ್ಯರ್ಥಿಗಳು ಜಿಲ್ಲಾಧಿಕಾರಿ ಕಚೇರಿ ಎದುರು ಪ್ರತಿಭಟನೆ ನಡೆಸಿದರು. ನಗರದ ಜಿಲ್ಲಾಧಿಕಾರಿ ಕಚೇರಿ ಮುಂಭಾಗ ಜಮಾಯಿಸಿದ ಅಭ್ಯರ್ಥಿಗಳು, ಸರ್ಕಾರ 2022ರಲ್ಲೇ ಅಧಿಸೂಚನೆ ಹೊರಡಿಸಿದ್ದರೂ ನೇಮಕಾತಿ ಪ್ರಕ್ರಿಯೆ ಇದುವರೆಗೂ ಪೂರ್ಣಗೊಂಡಿಲ್ಲ ಎಂದು ಆಕ್ರೋಶ ವ್ಯಕ್ತಪಡಿಸಿದರು. ಮಾ.15 ರೊಳಗೆ ಸ್ಪಷ್ಟ ಭರವಸೆ ನೀಡದಿದ್ದರೆ ಉಗ್ರ ಹೋರಾಟ ನಡೆಸುವುದಾಗಿ ಎಚ್ಚರಿಸಿದರು. ಬಳಿಕ ಜಿಲ್ಲಾಧಿಕಾರಿ ಮೂಲಕ ಸರ್ಕಾರಕ್ಕೆ ಮನವಿ ಸಲ್ಲಿಸಿದರು. ಪ್ರತಿಭಟನೆಯಲ್ಲಿ ನೂರಾರು ಪದವೀಧರ ಅಭ್ಯರ್ಥಿಗಳು ಭಾಗವಹಿಸಿದ್ದರು.
Printed and Published by : sogadu venkatesh, Owned by : sogadu venkatesh, Editor : SOGADU VENKATESH, Printed at : SHREYAS PRINTERS, vasanthanarasapura Industrial Area, Kora Hobli, Tumkur Taluk, Tumkur, Published at police
